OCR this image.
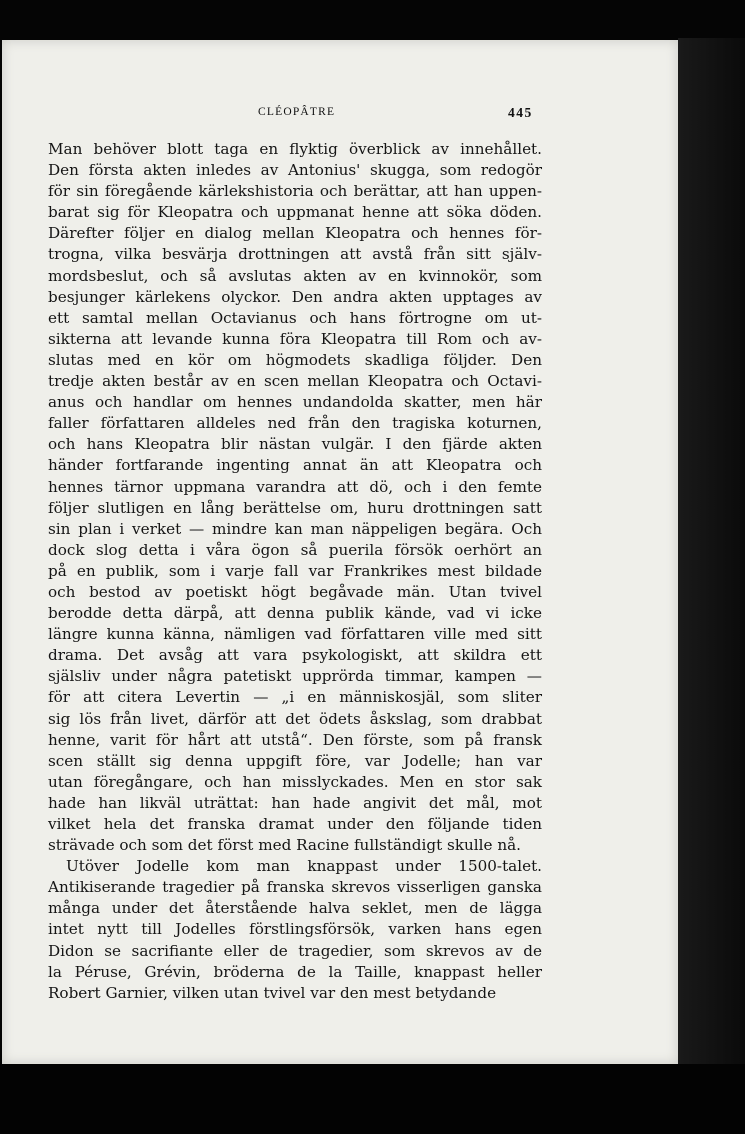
CLÉOPÂTRE	445
Man behöver blott taga en flyktig överblick av innehållet.
Den första akten inledes av Antonius' skugga, som redogör
för sin föregående kärlekshistoria och berättar, att han uppen-
barat sig för Kleopatra och uppmanat henne att söka döden.
Därefter följer en dialog mellan Kleopatra och hennes för-
trogna, vilka besvärja drottningen att avstå från sitt själv-
mordsbeslut, och så avslutas akten av en kvinnokör, som
besjunger kärlekens olyckor. Den andra akten upptages av
ett samtal mellan Octavianus och hans förtrogne om ut-
sikterna att levande kunna föra Kleopatra till Rom och av-
slutas med en kör om högmodets skadliga följder. Den
tredje akten består av en scen mellan Kleopatra och Octavi-
anus och handlar om hennes undandolda skatter, men här
faller författaren alldeles ned från den tragiska koturnen,
och hans Kleopatra blir nästan vulgär. I den fjärde akten
händer fortfarande ingenting annat än att Kleopatra och
hennes tärnor uppmana varandra att dö, och i den femte
följer slutligen en lång berättelse om, huru drottningen satt
sin plan i verket — mindre kan man näppeligen begära. Och
dock slog detta i våra ögon så puerila försök oerhört an
på en publik, som i varje fall var Frankrikes mest bildade
och bestod av poetiskt högt begåvade män. Utan tvivel
berodde detta därpå, att denna publik kände, vad vi icke
längre kunna känna, nämligen vad författaren ville med sitt
drama. Det avsåg att vara psykologiskt, att skildra ett
själsliv under några patetiskt upprörda timmar, kampen —
för att citera Levertin — „i en människosjäl, som sliter
sig lös från livet, därför att det ödets åskslag, som drabbat
henne, varit för hårt att utstå“. Den förste, som på fransk
scen ställt sig denna uppgift före, var Jodelle; han var
utan föregångare, och han misslyckades. Men en stor sak
hade han likväl uträttat: han hade angivit det mål, mot
vilket hela det franska dramat under den följande tiden
strävade och som det först med Racine fullständigt skulle nå.
Utöver Jodelle kom man knappast under 1500-talet.
Antikiserande tragedier på franska skrevos visserligen ganska
många under det återstående halva seklet, men de lägga
intet nytt till Jodelles förstlingsförsök, varken hans egen
Didon se sacrifiante eller de tragedier, som skrevos av de
la Péruse, Grévin, bröderna de la Taille, knappast heller
Robert Garnier, vilken utan tvivel var den mest betydande
